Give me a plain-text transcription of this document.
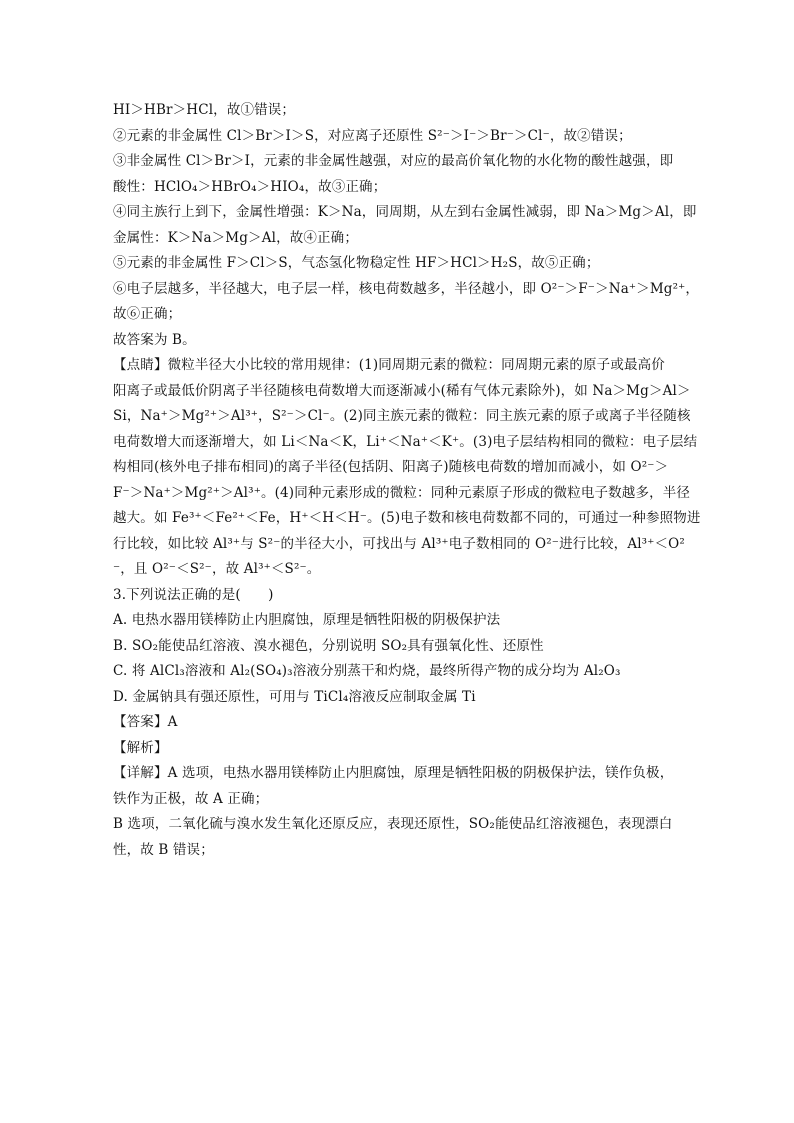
HI＞HBr＞HCl，故①错误；
②元素的非金属性 Cl＞Br＞I＞S，对应离子还原性 S²⁻＞I⁻＞Br⁻＞Cl⁻，故②错误；
③非金属性 Cl＞Br＞I，元素的非金属性越强，对应的最高价氧化物的水化物的酸性越强，即
酸性：HClO₄＞HBrO₄＞HIO₄，故③正确；
④同主族行上到下，金属性增强：K＞Na，同周期，从左到右金属性减弱，即 Na＞Mg＞Al，即
金属性：K＞Na＞Mg＞Al，故④正确；
⑤元素的非金属性 F＞Cl＞S，气态氢化物稳定性 HF＞HCl＞H₂S，故⑤正确；
⑥电子层越多，半径越大，电子层一样，核电荷数越多，半径越小，即 O²⁻＞F⁻＞Na⁺＞Mg²⁺，
故⑥正确；
故答案为 B。
【点睛】微粒半径大小比较的常用规律：(1)同周期元素的微粒：同周期元素的原子或最高价
阳离子或最低价阴离子半径随核电荷数增大而逐渐减小(稀有气体元素除外)，如 Na＞Mg＞Al＞
Si，Na⁺＞Mg²⁺＞Al³⁺，S²⁻＞Cl⁻。(2)同主族元素的微粒：同主族元素的原子或离子半径随核
电荷数增大而逐渐增大，如 Li＜Na＜K，Li⁺＜Na⁺＜K⁺。(3)电子层结构相同的微粒：电子层结
构相同(核外电子排布相同)的离子半径(包括阴、阳离子)随核电荷数的增加而减小，如 O²⁻＞
F⁻＞Na⁺＞Mg²⁺＞Al³⁺。(4)同种元素形成的微粒：同种元素原子形成的微粒电子数越多，半径
越大。如 Fe³⁺＜Fe²⁺＜Fe，H⁺＜H＜H⁻。(5)电子数和核电荷数都不同的，可通过一种参照物进
行比较，如比较 Al³⁺与 S²⁻的半径大小，可找出与 Al³⁺电子数相同的 O²⁻进行比较，Al³⁺＜O²
⁻，且 O²⁻＜S²⁻，故 Al³⁺＜S²⁻。
3.下列说法正确的是(　　)
A. 电热水器用镁棒防止内胆腐蚀，原理是牺牲阳极的阴极保护法
B. SO₂能使品红溶液、溴水褪色，分别说明 SO₂具有强氧化性、还原性
C. 将 AlCl₃溶液和 Al₂(SO₄)₃溶液分别蒸干和灼烧，最终所得产物的成分均为 Al₂O₃
D. 金属钠具有强还原性，可用与 TiCl₄溶液反应制取金属 Ti
【答案】A
【解析】
【详解】A 选项，电热水器用镁棒防止内胆腐蚀，原理是牺牲阳极的阴极保护法，镁作负极，
铁作为正极，故 A 正确；
B 选项，二氧化硫与溴水发生氧化还原反应，表现还原性，SO₂能使品红溶液褪色，表现漂白
性，故 B 错误；
